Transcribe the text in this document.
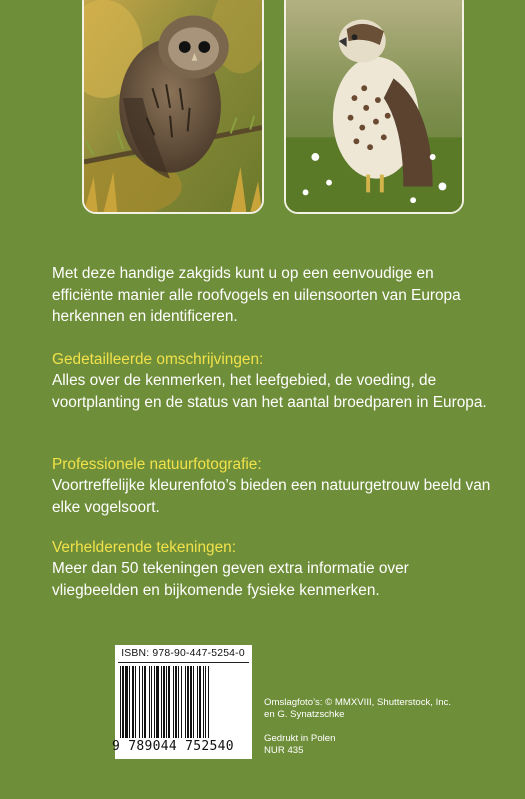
Met deze handige zakgids kunt u op een eenvoudige en efficiënte manier alle roofvogels en uilensoorten van Europa herkennen en identificeren.

Gedetailleerde omschrijvingen:

Alles over de kenmerken, het leefgebied, de voeding, de voortplanting en de status van het aantal broedparen in Europa.

Professionele natuurfotografie:

Voortreffelijke kleurenfoto’s bieden een natuurgetrouw beeld van elke vogelsoort.

Verhelderende tekeningen:

Meer dan 50 tekeningen geven extra informatie over vliegbeelden en bijkomende fysieke kenmerken.

ISBN: 978-90-447-5254-0
9 789044 752540

Omslagfoto’s: © MMXVIII, Shutterstock, Inc.

en G. Synatzschke

Gedrukt in Polen

NUR 435
